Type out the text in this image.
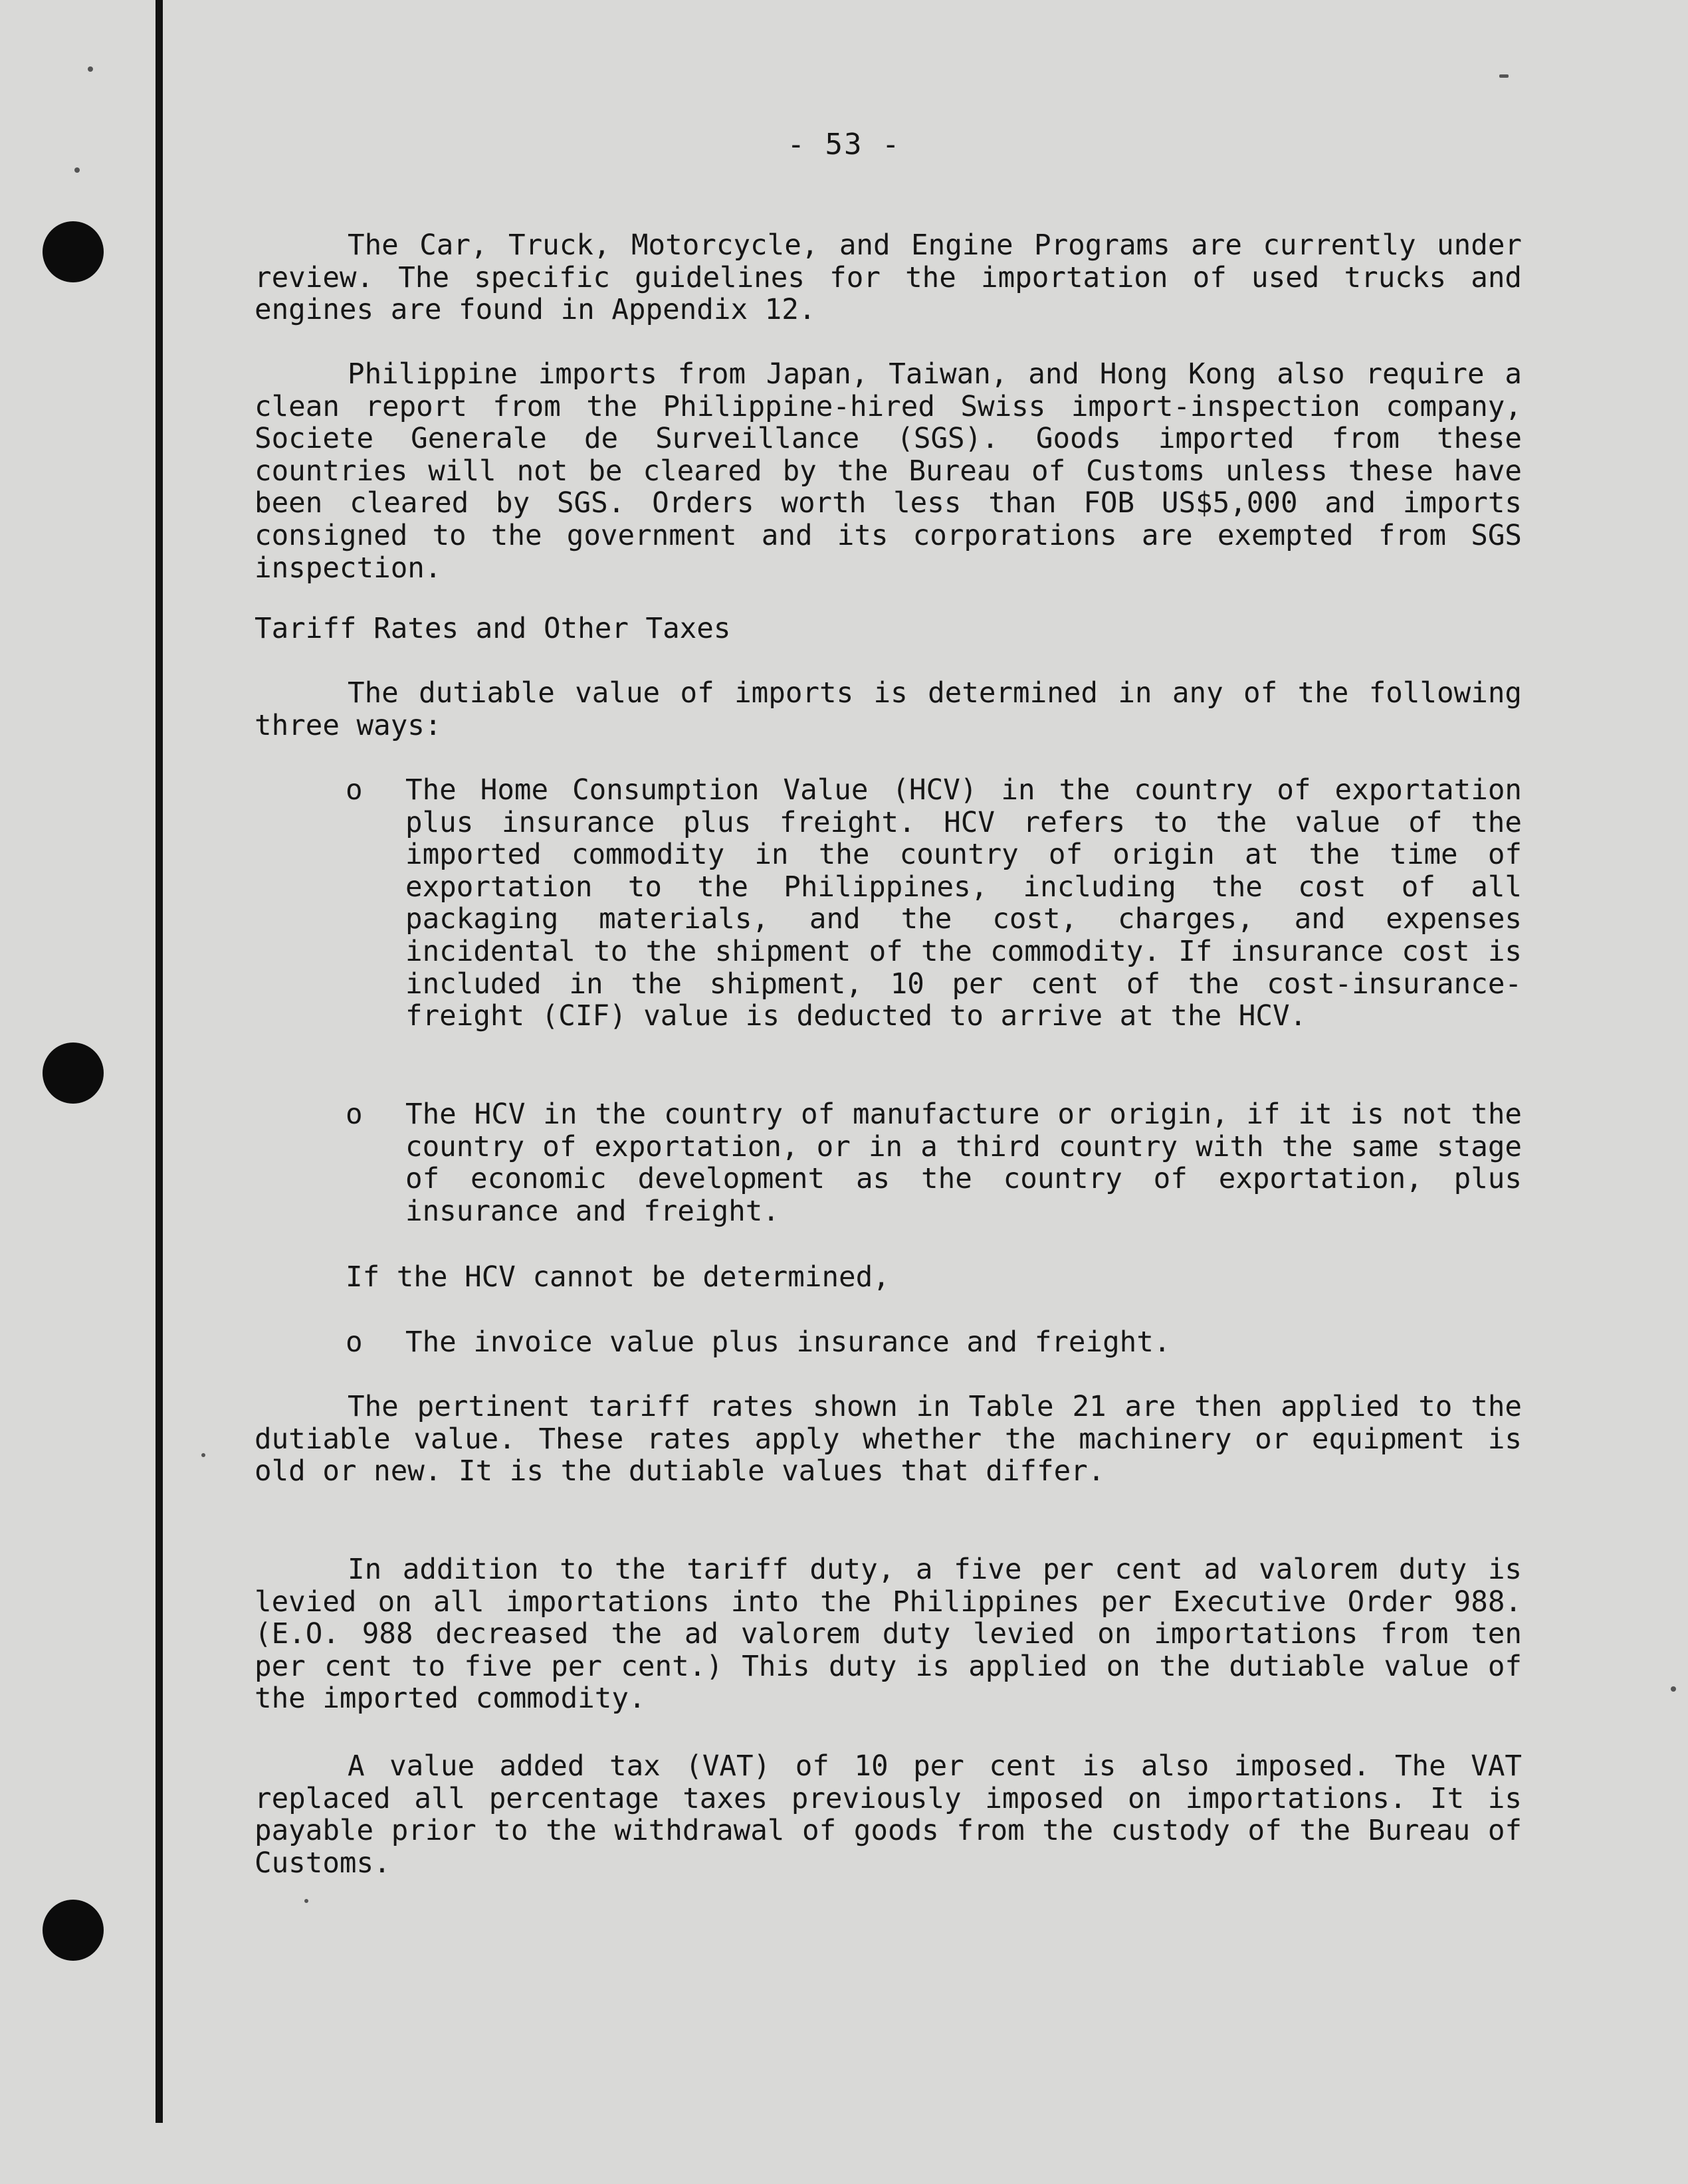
- 53 -

The Car, Truck, Motorcycle, and Engine Programs are currently under review. The specific guidelines for the importation of used trucks and engines are found in Appendix 12.

Philippine imports from Japan, Taiwan, and Hong Kong also require a clean report from the Philippine-hired Swiss import-inspection company, Societe Generale de Surveillance (SGS). Goods imported from these countries will not be cleared by the Bureau of Customs unless these have been cleared by SGS. Orders worth less than FOB US$5,000 and imports consigned to the government and its corporations are exempted from SGS inspection.

Tariff Rates and Other Taxes

The dutiable value of imports is determined in any of the following three ways:

o The Home Consumption Value (HCV) in the country of exportation plus insurance plus freight. HCV refers to the value of the imported commodity in the country of origin at the time of exportation to the Philippines, including the cost of all packaging materials, and the cost, charges, and expenses incidental to the shipment of the commodity. If insurance cost is included in the shipment, 10 per cent of the cost-insurance-freight (CIF) value is deducted to arrive at the HCV.

o The HCV in the country of manufacture or origin, if it is not the country of exportation, or in a third country with the same stage of economic development as the country of exportation, plus insurance and freight.

If the HCV cannot be determined,

o The invoice value plus insurance and freight.

The pertinent tariff rates shown in Table 21 are then applied to the dutiable value. These rates apply whether the machinery or equipment is old or new. It is the dutiable values that differ.

In addition to the tariff duty, a five per cent ad valorem duty is levied on all importations into the Philippines per Executive Order 988. (E.O. 988 decreased the ad valorem duty levied on importations from ten per cent to five per cent.) This duty is applied on the dutiable value of the imported commodity.

A value added tax (VAT) of 10 per cent is also imposed. The VAT replaced all percentage taxes previously imposed on importations. It is payable prior to the withdrawal of goods from the custody of the Bureau of Customs.
